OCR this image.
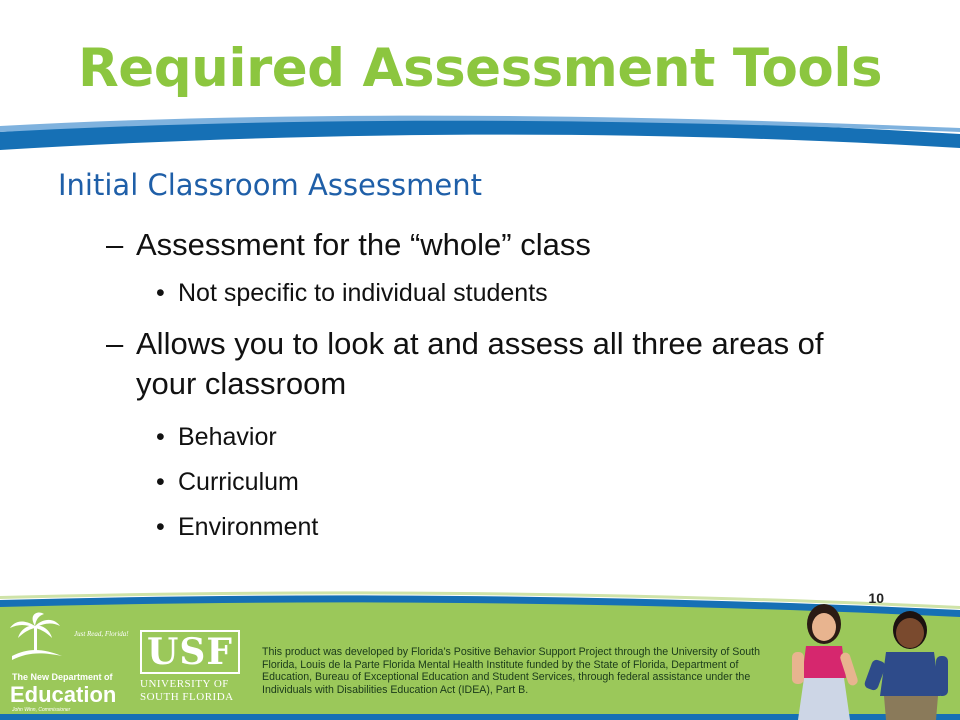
Required Assessment Tools
Initial Classroom Assessment
– Assessment for the “whole” class
• Not specific to individual students
– Allows you to look at and assess all three areas of your classroom
• Behavior
• Curriculum
• Environment
10
Just Read, Florida!
The New Department of
Education
John Winn, Commissioner
USF
UNIVERSITY OF
SOUTH FLORIDA
This product was developed by Florida’s Positive Behavior Support Project through the University of South Florida, Louis de la Parte Florida Mental Health Institute funded by the State of Florida, Department of Education, Bureau of Exceptional Education and Student Services, through federal assistance under the Individuals with Disabilities Education Act (IDEA), Part B.
